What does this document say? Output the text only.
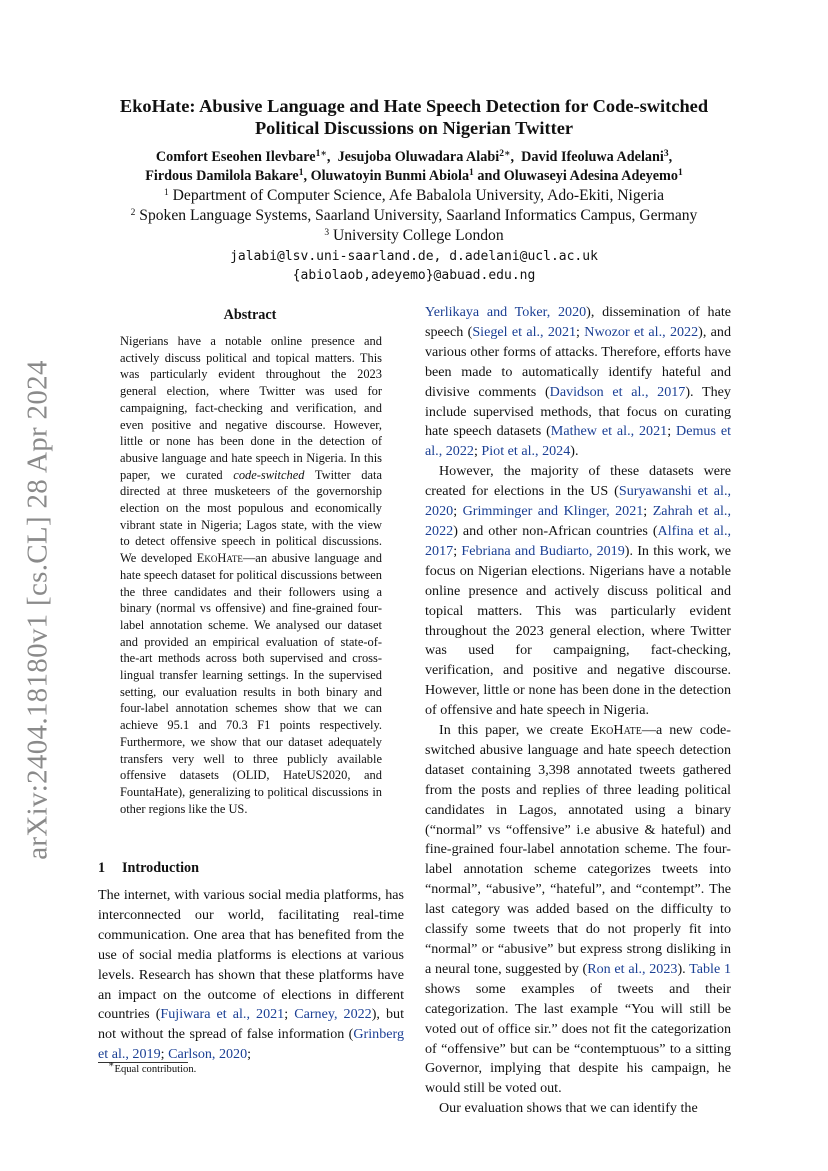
arXiv:2404.18180v1 [cs.CL] 28 Apr 2024
EkoHate: Abusive Language and Hate Speech Detection for Code-switched Political Discussions on Nigerian Twitter
Comfort Eseohen Ilevbare$^{1∗}$,  Jesujoba Oluwadara Alabi$^{2∗}$,  David Ifeoluwa Adelani$^3$,
Firdous Damilola Bakare$^1$, Oluwatoyin Bunmi Abiola$^1$ and Oluwaseyi Adesina Adeyemo$^1$
$^1$ Department of Computer Science, Afe Babalola University, Ado-Ekiti, Nigeria
$^2$ Spoken Language Systems, Saarland University, Saarland Informatics Campus, Germany
$^3$ University College London
jalabi@lsv.uni-saarland.de, d.adelani@ucl.ac.uk
{abiolaob,adeyemo}@abuad.edu.ng
Abstract
Nigerians have a notable online presence and actively discuss political and topical matters. This was particularly evident throughout the 2023 general election, where Twitter was used for campaigning, fact-checking and verification, and even positive and negative discourse. However, little or none has been done in the detection of abusive language and hate speech in Nigeria. In this paper, we curated code-switched Twitter data directed at three musketeers of the governorship election on the most populous and economically vibrant state in Nigeria; Lagos state, with the view to detect offensive speech in political discussions. We developed EkoHate—an abusive language and hate speech dataset for political discussions between the three candidates and their followers using a binary (normal vs offensive) and fine-grained four-label annotation scheme. We analysed our dataset and provided an empirical evaluation of state-of-the-art methods across both supervised and cross-lingual transfer learning settings. In the supervised setting, our evaluation results in both binary and four-label annotation schemes show that we can achieve 95.1 and 70.3 F1 points respectively. Furthermore, we show that our dataset adequately transfers very well to three publicly available offensive datasets (OLID, HateUS2020, and FountaHate), generalizing to political discussions in other regions like the US.
1 Introduction
The internet, with various social media platforms, has interconnected our world, facilitating real-time communication. One area that has benefited from the use of social media platforms is elections at various levels. Research has shown that these platforms have an impact on the outcome of elections in different countries (Fujiwara et al., 2021; Carney, 2022), but not without the spread of false information (Grinberg et al., 2019; Carlson, 2020;
∗Equal contribution.

Yerlikaya and Toker, 2020), dissemination of hate speech (Siegel et al., 2021; Nwozor et al., 2022), and various other forms of attacks. Therefore, efforts have been made to automatically identify hateful and divisive comments (Davidson et al., 2017). They include supervised methods, that focus on curating hate speech datasets (Mathew et al., 2021; Demus et al., 2022; Piot et al., 2024).

However, the majority of these datasets were created for elections in the US (Suryawanshi et al., 2020; Grimminger and Klinger, 2021; Zahrah et al., 2022) and other non-African countries (Alfina et al., 2017; Febriana and Budiarto, 2019). In this work, we focus on Nigerian elections. Nigerians have a notable online presence and actively discuss political and topical matters. This was particularly evident throughout the 2023 general election, where Twitter was used for campaigning, fact-checking, verification, and positive and negative discourse. However, little or none has been done in the detection of offensive and hate speech in Nigeria.

In this paper, we create EkoHate—a new code-switched abusive language and hate speech detection dataset containing 3,398 annotated tweets gathered from the posts and replies of three leading political candidates in Lagos, annotated using a binary (“normal” vs “offensive” i.e abusive & hateful) and fine-grained four-label annotation scheme. The four-label annotation scheme categorizes tweets into “normal”, “abusive”, “hateful”, and “contempt”. The last category was added based on the difficulty to classify some tweets that do not properly fit into “normal” or “abusive” but express strong disliking in a neural tone, suggested by (Ron et al., 2023). Table 1 shows some examples of tweets and their categorization. The last example “You will still be voted out of office sir.” does not fit the categorization of “offensive” but can be “contemptuous” to a sitting Governor, implying that despite his campaign, he would still be voted out.

Our evaluation shows that we can identify the
